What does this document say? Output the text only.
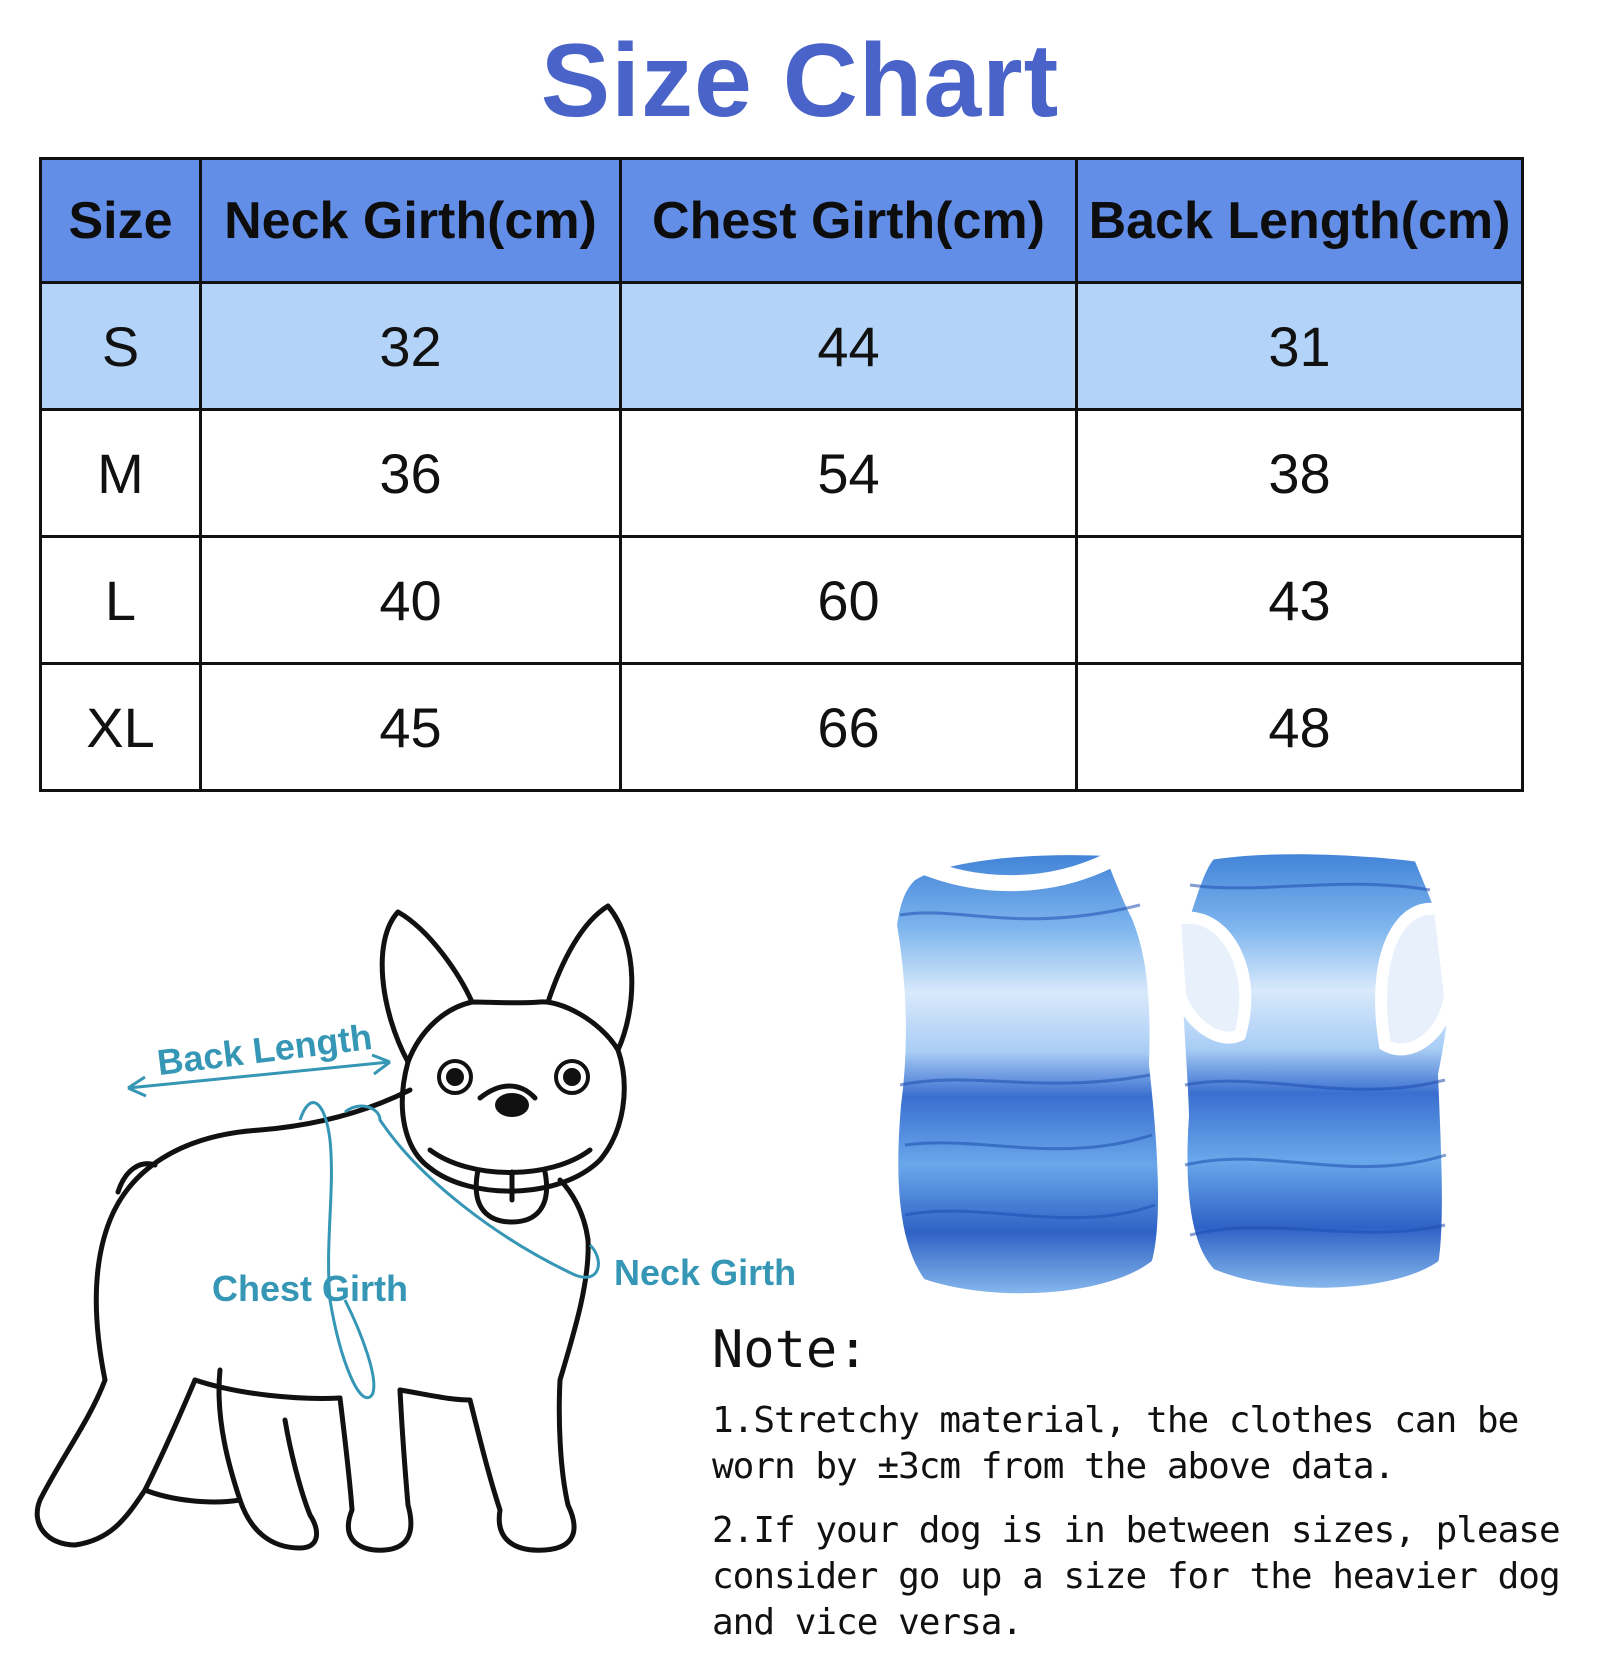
Size Chart
Size	Neck Girth(cm)	Chest Girth(cm)	Back Length(cm)
S	32	44	31
M	36	54	38
L	40	60	43
XL	45	66	48
Back Length
Chest Girth	Neck Girth
Note:
1.Stretchy material, the clothes can be worn by ±3cm from the above data.
2.If your dog is in between sizes, please consider go up a size for the heavier dog and vice versa.
